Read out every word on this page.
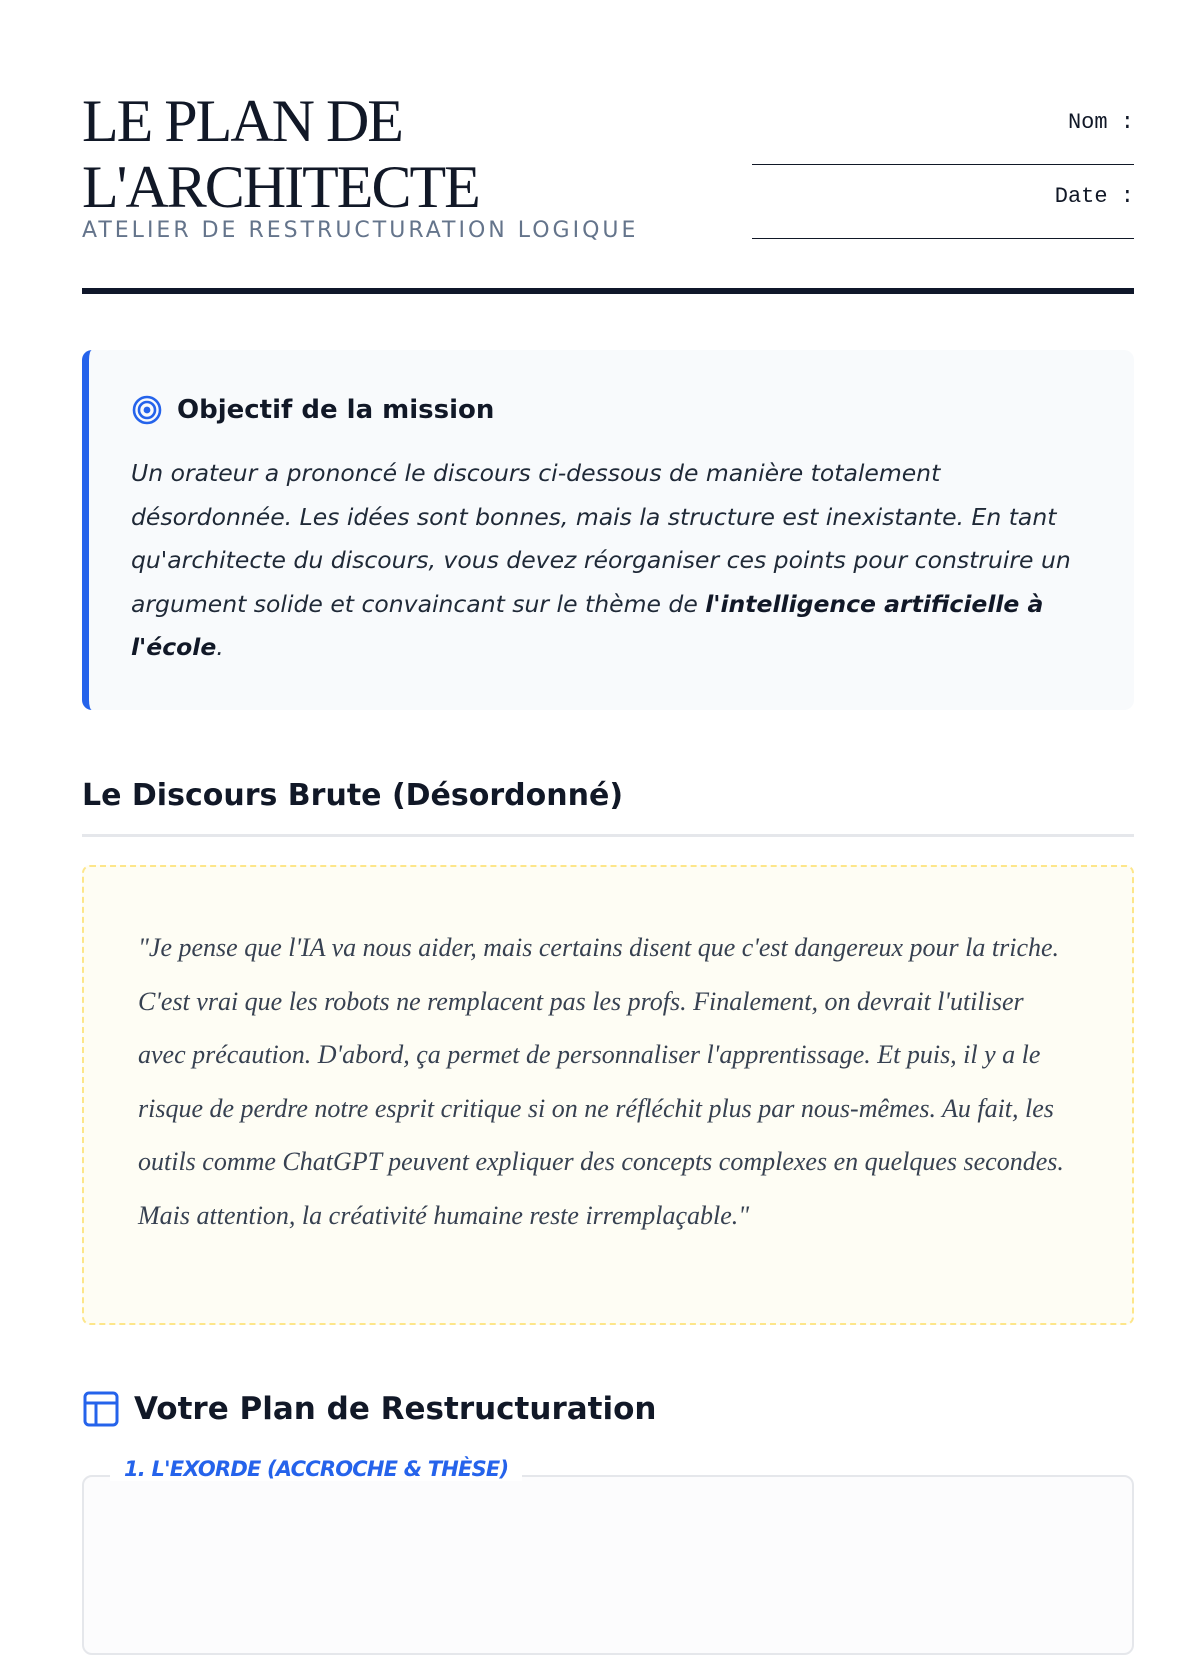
LE PLAN DE
L'ARCHITECTE
ATELIER DE RESTRUCTURATION LOGIQUE
Nom :
Date :
Objectif de la mission
Un orateur a prononcé le discours ci-dessous de manière totalement désordonnée. Les idées sont bonnes, mais la structure est inexistante. En tant qu'architecte du discours, vous devez réorganiser ces points pour construire un argument solide et convaincant sur le thème de l'intelligence artificielle à l'école.
Le Discours Brute (Désordonné)
"Je pense que l'IA va nous aider, mais certains disent que c'est dangereux pour la triche. C'est vrai que les robots ne remplacent pas les profs. Finalement, on devrait l'utiliser avec précaution. D'abord, ça permet de personnaliser l'apprentissage. Et puis, il y a le risque de perdre notre esprit critique si on ne réfléchit plus par nous-mêmes. Au fait, les outils comme ChatGPT peuvent expliquer des concepts complexes en quelques secondes. Mais attention, la créativité humaine reste irremplaçable."
Votre Plan de Restructuration
1. L'EXORDE (ACCROCHE & THÈSE)
